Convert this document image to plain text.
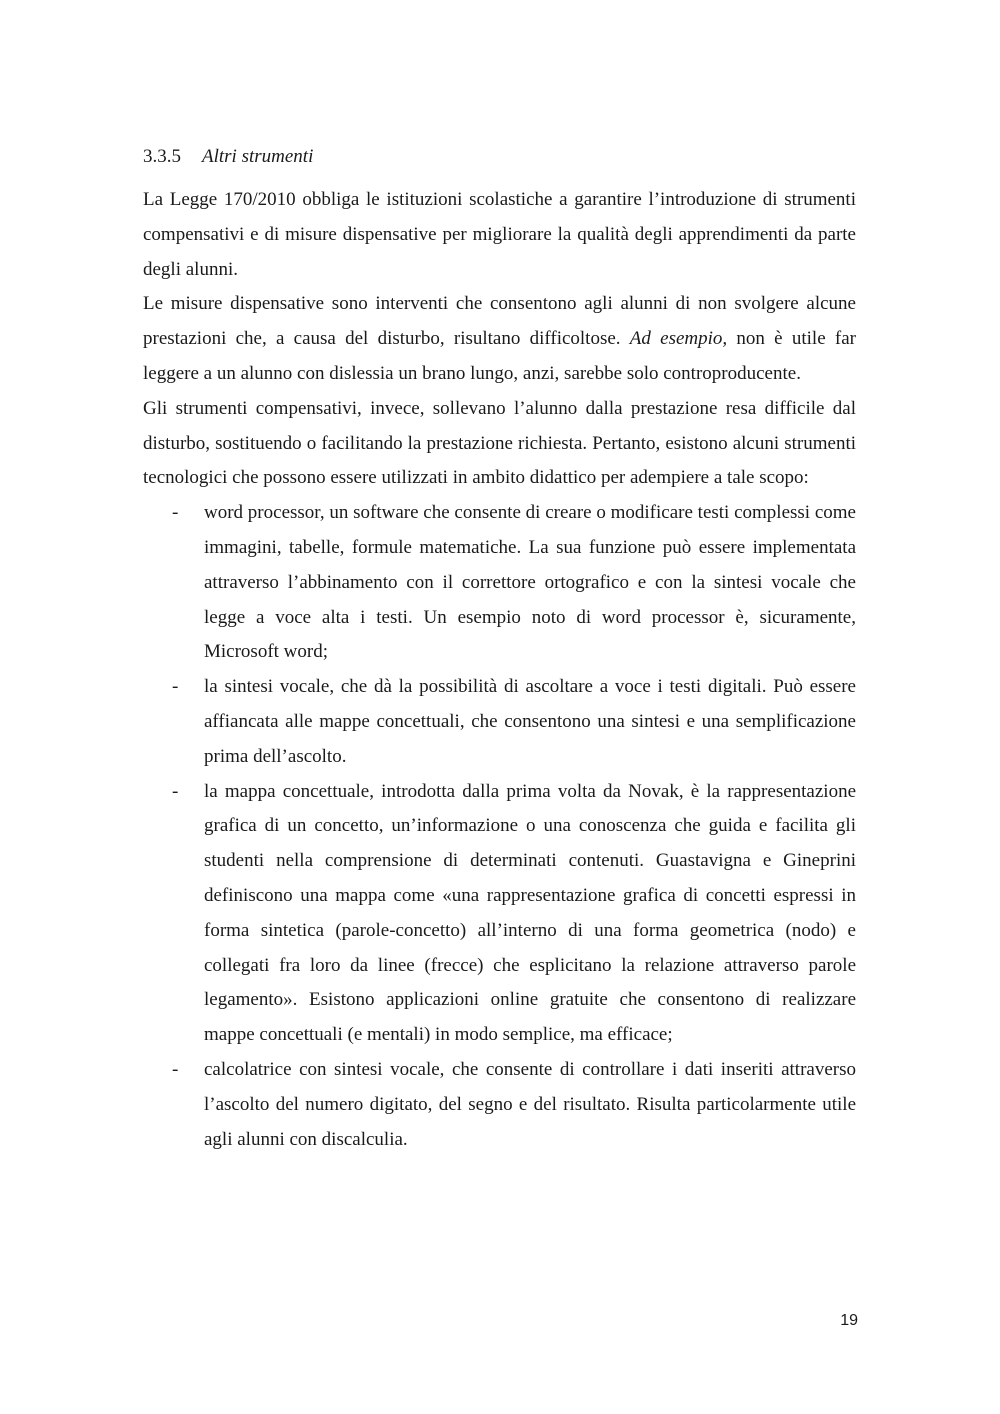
3.3.5 Altri strumenti

La Legge 170/2010 obbliga le istituzioni scolastiche a garantire l’introduzione di strumenti compensativi e di misure dispensative per migliorare la qualità degli apprendimenti da parte degli alunni.

Le misure dispensative sono interventi che consentono agli alunni di non svolgere alcune prestazioni che, a causa del disturbo, risultano difficoltose. Ad esempio, non è utile far leggere a un alunno con dislessia un brano lungo, anzi, sarebbe solo controproducente.

Gli strumenti compensativi, invece, sollevano l’alunno dalla prestazione resa difficile dal disturbo, sostituendo o facilitando la prestazione richiesta. Pertanto, esistono alcuni strumenti tecnologici che possono essere utilizzati in ambito didattico per adempiere a tale scopo:

- word processor, un software che consente di creare o modificare testi complessi come immagini, tabelle, formule matematiche. La sua funzione può essere implementata attraverso l’abbinamento con il correttore ortografico e con la sintesi vocale che legge a voce alta i testi. Un esempio noto di word processor è, sicuramente, Microsoft word;
- la sintesi vocale, che dà la possibilità di ascoltare a voce i testi digitali. Può essere affiancata alle mappe concettuali, che consentono una sintesi e una semplificazione prima dell’ascolto.
- la mappa concettuale, introdotta dalla prima volta da Novak, è la rappresentazione grafica di un concetto, un’informazione o una conoscenza che guida e facilita gli studenti nella comprensione di determinati contenuti. Guastavigna e Gineprini definiscono una mappa come «una rappresentazione grafica di concetti espressi in forma sintetica (parole-concetto) all’interno di una forma geometrica (nodo) e collegati fra loro da linee (frecce) che esplicitano la relazione attraverso parole legamento». Esistono applicazioni online gratuite che consentono di realizzare mappe concettuali (e mentali) in modo semplice, ma efficace;
- calcolatrice con sintesi vocale, che consente di controllare i dati inseriti attraverso l’ascolto del numero digitato, del segno e del risultato. Risulta particolarmente utile agli alunni con discalculia.
19
